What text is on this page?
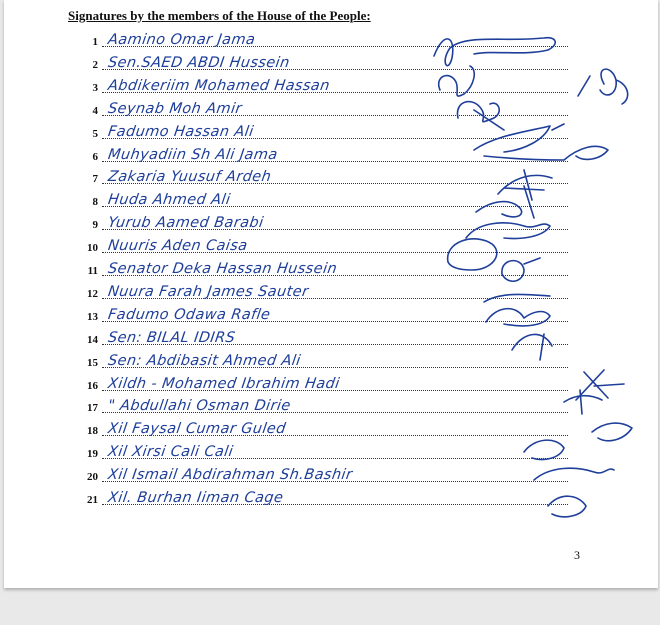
Signatures by the members of the House of the People:
1 Aamino Omar Jama
2 Sen.SAED ABDI Hussein
3 Abdikeriim Mohamed Hassan
4 Seynab Moh Amir
5 Fadumo Hassan Ali
6 Muhyadiin Sh Ali Jama
7 Zakaria Yuusuf Ardeh
8 Huda Ahmed Ali
9 Yurub Aamed Barabi
10 Nuuris Aden Caisa
11 Senator Deka Hassan Hussein
12 Nuura Farah James Sauter
13 Fadumo Odawa Rafle
14 Sen: BILAL IDIRS
15 Sen: Abdibasit Ahmed Ali
16 Xildh - Mohamed Ibrahim Hadi
17 " Abdullahi Osman Dirie
18 Xil Faysal Cumar Guled
19 Xil Xirsi Cali Cali
20 Xil Ismail Abdirahman Sh.Bashir
21 Xil. Burhan Iiman Cage
3
